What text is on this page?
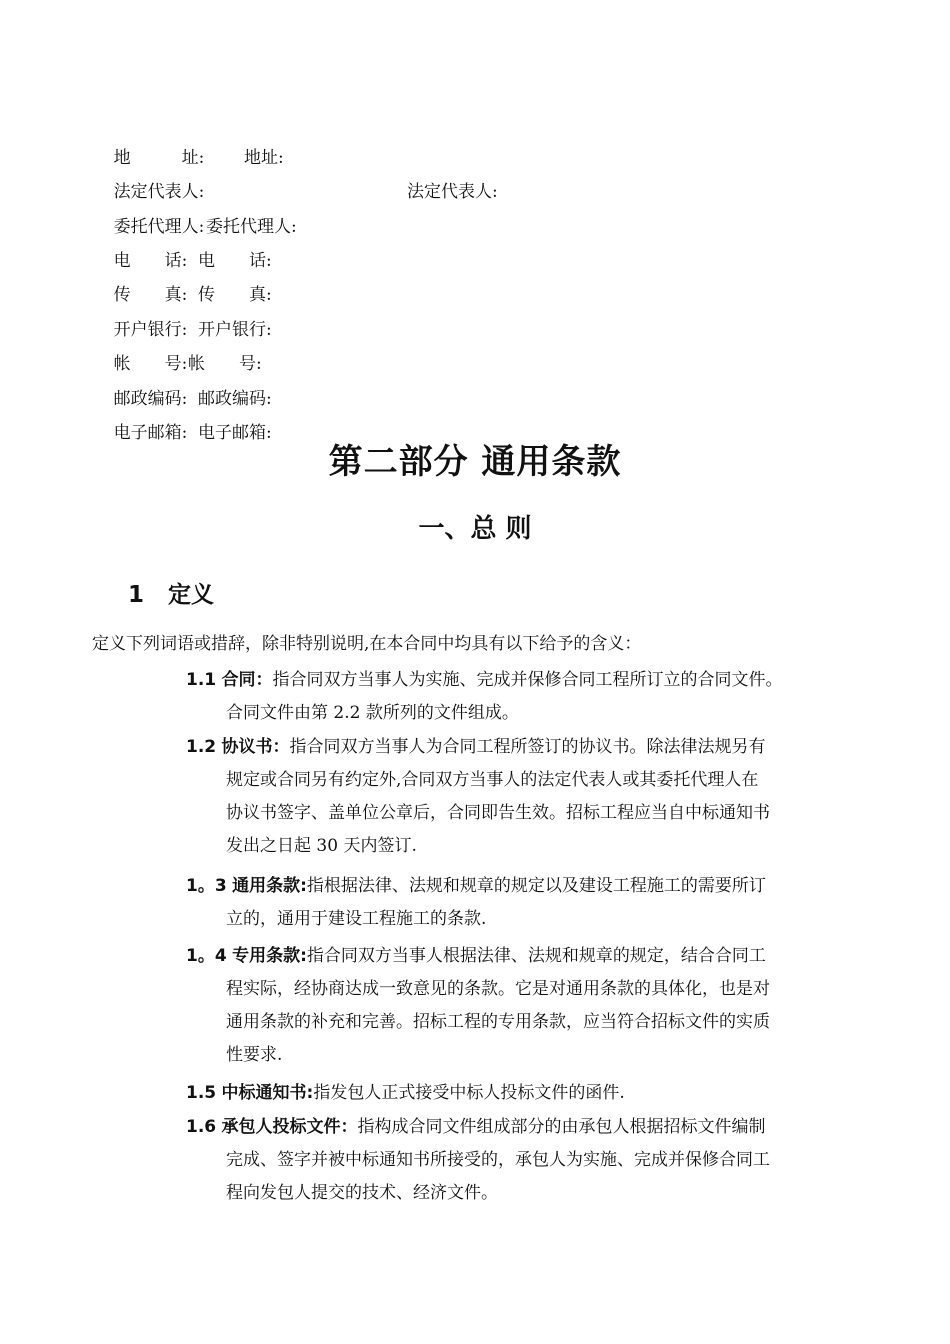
地　　　址: 地址:

法定代表人:	法定代表人:

委托代理人: 委托代理人:

电　　话: 电　　话:

传　　真: 传　　真:

开户银行: 开户银行:

帐　　号: 帐　　号:

邮政编码: 邮政编码:

电子邮箱: 电子邮箱:

第二部分 通用条款
一、总 则
1 定义
定义下列词语或措辞，除非特别说明,在本合同中均具有以下给予的含义：
1.1 合同：指合同双方当事人为实施、完成并保修合同工程所订立的合同文件。
合同文件由第 2.2 款所列的文件组成。
1.2 协议书：指合同双方当事人为合同工程所签订的协议书。除法律法规另有
规定或合同另有约定外,合同双方当事人的法定代表人或其委托代理人在
协议书签字、盖单位公章后，合同即告生效。招标工程应当自中标通知书
发出之日起 30 天内签订.
1。3 通用条款:指根据法律、法规和规章的规定以及建设工程施工的需要所订
立的，通用于建设工程施工的条款.
1。4 专用条款:指合同双方当事人根据法律、法规和规章的规定，结合合同工
程实际，经协商达成一致意见的条款。它是对通用条款的具体化，也是对
通用条款的补充和完善。招标工程的专用条款，应当符合招标文件的实质
性要求.
1.5 中标通知书:指发包人正式接受中标人投标文件的函件.
1.6 承包人投标文件：指构成合同文件组成部分的由承包人根据招标文件编制
完成、签字并被中标通知书所接受的，承包人为实施、完成并保修合同工
程向发包人提交的技术、经济文件。
